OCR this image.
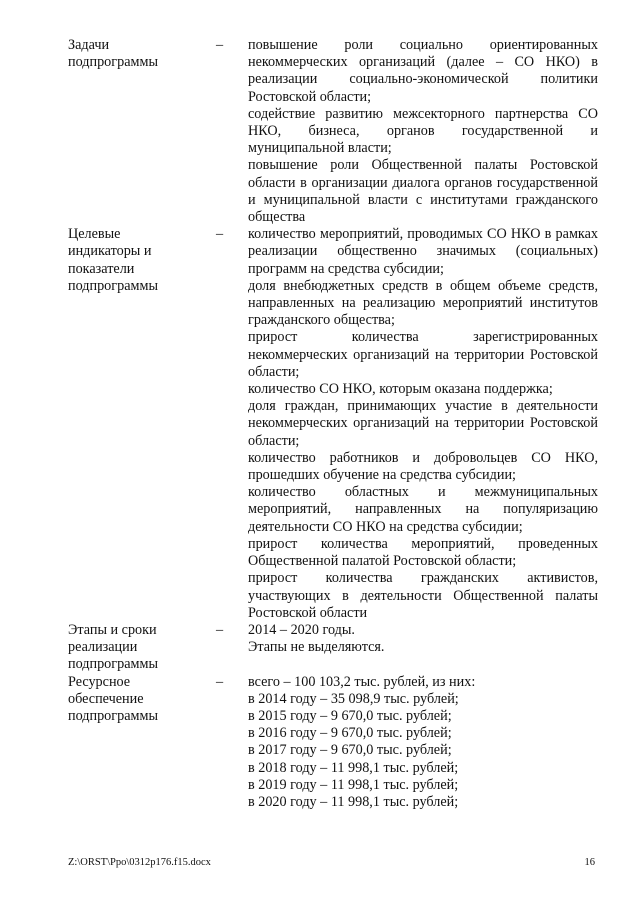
Задачи
подпрограммы
–	повышение роли социально ориентированных некоммерческих организаций (далее – СО НКО) в реализации социально-экономической политики Ростовской области;

содействие развитию межсекторного партнерства СО НКО, бизнеса, органов государственной и муниципальной власти;

повышение роли Общественной палаты Ростовской области в организации диалога органов государственной и муниципальной власти с институтами гражданского общества

Целевые
индикаторы и
показатели
подпрограммы
–	количество мероприятий, проводимых СО НКО в рамках реализации общественно значимых (социальных) программ на средства субсидии;

доля внебюджетных средств в общем объеме средств, направленных на реализацию мероприятий институтов гражданского общества;

прирост количества зарегистрированных некоммерческих организаций на территории Ростовской области;

количество СО НКО, которым оказана поддержка;

доля граждан, принимающих участие в деятельности некоммерческих организаций на территории Ростовской области;

количество работников и добровольцев СО НКО, прошедших обучение на средства субсидии;

количество областных и межмуниципальных мероприятий, направленных на популяризацию деятельности СО НКО на средства субсидии;

прирост количества мероприятий, проведенных Общественной палатой Ростовской области;

прирост количества гражданских активистов, участвующих в деятельности Общественной палаты Ростовской области

Этапы и сроки
реализации
подпрограммы
–	2014 – 2020 годы.

Этапы не выделяются.

Ресурсное
обеспечение
подпрограммы
–	всего – 100 103,2 тыс. рублей, из них:

в 2014 году – 35 098,9 тыс. рублей;

в 2015 году – 9 670,0 тыс. рублей;

в 2016 году – 9 670,0 тыс. рублей;

в 2017 году – 9 670,0 тыс. рублей;

в 2018 году – 11 998,1 тыс. рублей;

в 2019 году – 11 998,1 тыс. рублей;

в 2020 году – 11 998,1 тыс. рублей;

Z:\ORST\Ppo\0312p176.f15.docx	16
